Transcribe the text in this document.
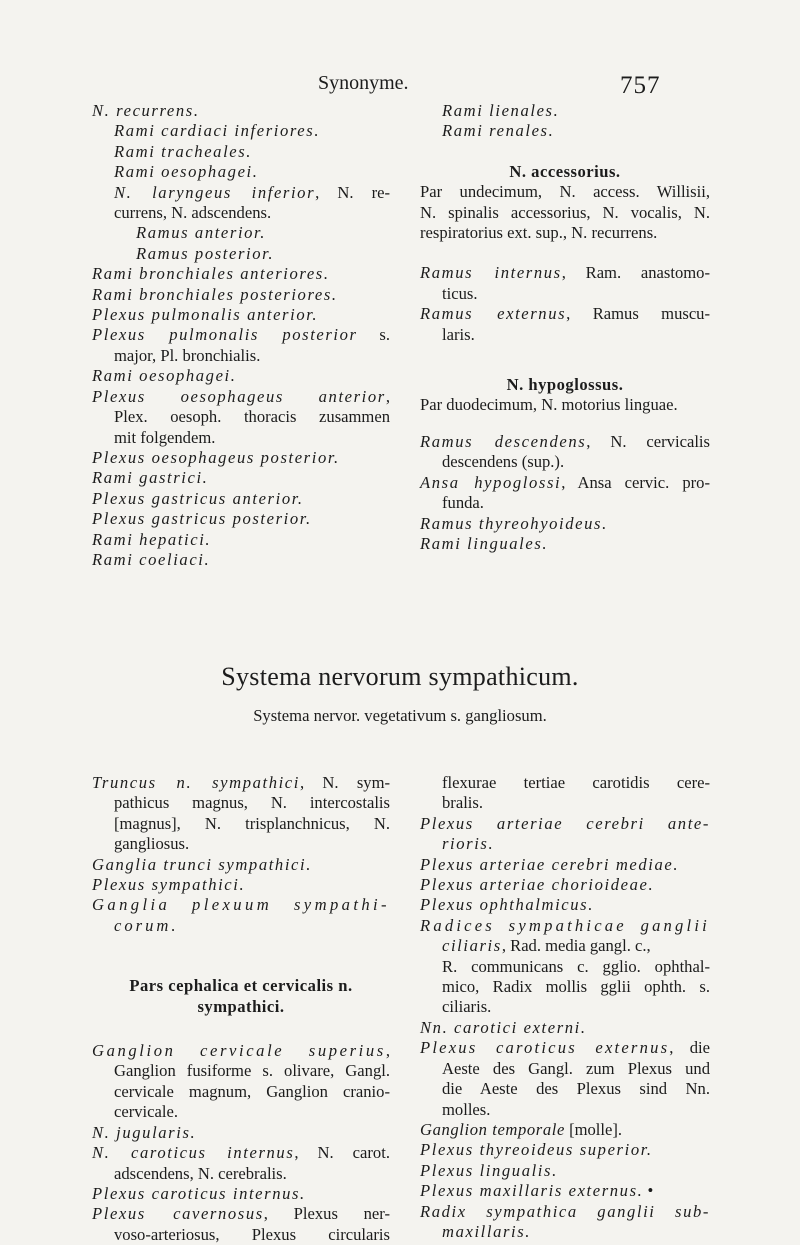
Synonyme.	757

N. recurrens.

Rami cardiaci inferiores.

Rami tracheales.

Rami oesophagei.

N. laryngeus inferior, N. re-

currens, N. adscendens.

Ramus anterior.

Ramus posterior.

Rami bronchiales anteriores.

Rami bronchiales posteriores.

Plexus pulmonalis anterior.

Plexus pulmonalis posterior s.

major, Pl. bronchialis.

Rami oesophagei.

Plexus oesophageus anterior,

Plex. oesoph. thoracis zusammen

mit folgendem.

Plexus oesophageus posterior.

Rami gastrici.

Plexus gastricus anterior.

Plexus gastricus posterior.

Rami hepatici.

Rami coeliaci.

Rami lienales.

Rami renales.

N. accessorius.

Par undecimum, N. access. Willisii,

N. spinalis accessorius, N. vocalis, N.

respiratorius ext. sup., N. recurrens.

Ramus internus, Ram. anastomo-

ticus.

Ramus externus, Ramus muscu-

laris.

N. hypoglossus.

Par duodecimum, N. motorius linguae.

Ramus descendens, N. cervicalis

descendens (sup.).

Ansa hypoglossi, Ansa cervic. pro-

funda.

Ramus thyreohyoideus.

Rami linguales.

Systema nervorum sympathicum.
Systema nervor. vegetativum s. gangliosum.

Truncus n. sympathici, N. sym-

pathicus magnus, N. intercostalis

[magnus], N. trisplanchnicus, N.

gangliosus.

Ganglia trunci sympathici.

Plexus sympathici.

Ganglia plexuum sympathi-

corum.

Pars cephalica et cervicalis n.

sympathici.

Ganglion cervicale superius,

Ganglion fusiforme s. olivare, Gangl.

cervicale magnum, Ganglion cranio-

cervicale.

N. jugularis.

N. caroticus internus, N. carot.

adscendens, N. cerebralis.

Plexus caroticus internus.

Plexus cavernosus, Plexus ner-

voso-arteriosus, Plexus circularis

flexurae tertiae carotidis cere-

bralis.

Plexus arteriae cerebri ante-

rioris.

Plexus arteriae cerebri mediae.

Plexus arteriae chorioideae.

Plexus ophthalmicus.

Radices sympathicae ganglii

ciliaris, Rad. media gangl. c.,

R. communicans c. gglio. ophthal-

mico, Radix mollis gglii ophth. s.

ciliaris.

Nn. carotici externi.

Plexus caroticus externus, die

Aeste des Gangl. zum Plexus und

die Aeste des Plexus sind Nn.

molles.

Ganglion temporale [molle].

Plexus thyreoideus superior.

Plexus lingualis.

Plexus maxillaris externus. •

Radix sympathica ganglii sub-

maxillaris.
